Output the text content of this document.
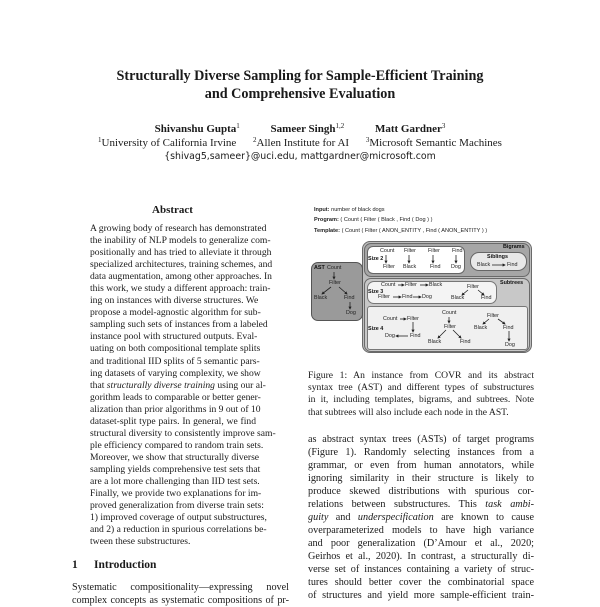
Structurally Diverse Sampling for Sample-Efficient Training
and Comprehensive Evaluation
Shivanshu Gupta$^1$	Sameer Singh$^{1,2}$	Matt Gardner$^3$
$^1$University of California Irvine $^2$Allen Institute for AI $^3$Microsoft Semantic Machines
{shivag5,sameer}@uci.edu, mattgardner@microsoft.com
Abstract
A growing body of research has demonstrated
the inability of NLP models to generalize com-
positionally and has tried to alleviate it through
specialized architectures, training schemes, and
data augmentation, among other approaches. In
this work, we study a different approach: train-
ing on instances with diverse structures. We
propose a model-agnostic algorithm for sub-
sampling such sets of instances from a labeled
instance pool with structured outputs. Eval-
uating on both compositional template splits
and traditional IID splits of 5 semantic pars-
ing datasets of varying complexity, we show
that structurally diverse training using our al-
gorithm leads to comparable or better gener-
alization than prior algorithms in 9 out of 10
dataset-split type pairs. In general, we find
structural diversity to consistently improve sam-
ple efficiency compared to random train sets.
Moreover, we show that structurally diverse
sampling yields comprehensive test sets that
are a lot more challenging than IID test sets.
Finally, we provide two explanations for im-
proved generalization from diverse train sets:
1) improved coverage of output substructures,
and 2) a reduction in spurious correlations be-
tween these substructures.
1 Introduction
Systematic compositionality—expressing novel
complex concepts as systematic compositions of pr-
Input: number of black dogs
Program: ( Count ( Filter ( Black , Find ( Dog ) )
Template: ( Count ( Filter ( ANON_ENTITY , Find ( ANON_ENTITY ) )
AST Count
Filter
Black	Find
Dog
Bigrams
Size 2
Count
Filter
Filter
Black
Filter
Find
Find
Dog
Siblings
Black	Find
Subtrees
Size 3
Count Filter Black
Filter Find Dog
Filter
Black	Find
Size 4
Count Filter
Find
Dog
Count
Filter
Black	Find
Filter
Black	Find
Dog
Figure 1: An instance from COVR and its abstract
syntax tree (AST) and different types of substructures
in it, including templates, bigrams, and subtrees. Note
that subtrees will also include each node in the AST.
as abstract syntax trees (ASTs) of target programs
(Figure 1). Randomly selecting instances from a
grammar, or even from human annotators, while
ignoring similarity in their structure is likely to
produce skewed distributions with spurious cor-
relations between substructures. This task ambi-
guity and underspecification are known to cause
overparameterized models to have high variance
and poor generalization (D’Amour et al., 2020;
Geirhos et al., 2020). In contrast, a structurally di-
verse set of instances containing a variety of struc-
tures should better cover the combinatorial space
of structures and yield more sample-efficient train-
